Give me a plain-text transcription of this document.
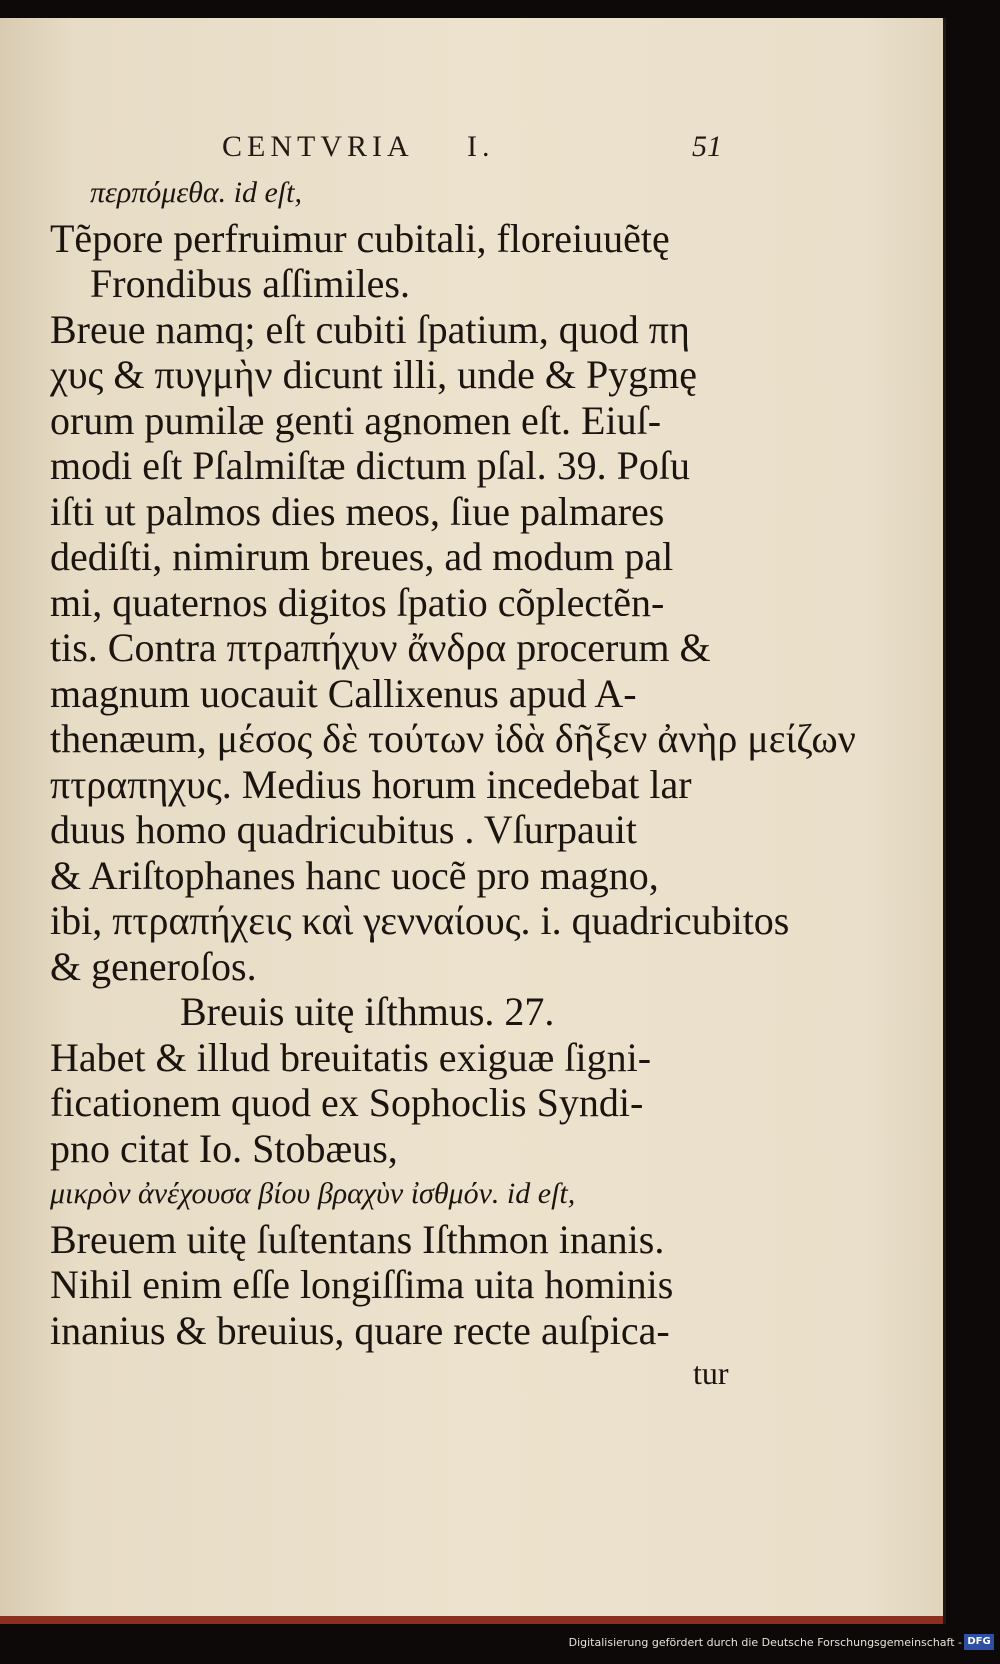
CENTVRIA I.	51
περπόμεθα. id eſt,
Tẽpore perfruimur cubitali, floreiuuẽtę
Frondibus aſſimiles.
Breue namq; eſt cubiti ſpatium, quod πη
χυς & πυγμὴν dicunt illi, unde & Pygmę
orum pumilæ genti agnomen eſt. Eiuſ-
modi eſt Pſalmiſtæ dictum pſal. 39. Poſu
iſti ut palmos dies meos, ſiue palmares
dediſti, nimirum breues, ad modum pal
mi, quaternos digitos ſpatio cõplectẽn-
tis. Contra πτρaπήχυν ἄνδρα procerum &
magnum uocauit Callixenus apud A-
thenæum, μέσος δὲ τούτων ἰδὰ δῆξεν ἀνὴρ μείζων
πτραπηχυς. Medius horum incedebat lar
duus homo quadricubitus . Vſurpauit
& Ariſtophanes hanc uocẽ pro magno,
ibi, πτραπήχεις καὶ γενναίους. i. quadricubitos
& generoſos.
Breuis uitę iſthmus. 27.
Habet & illud breuitatis exiguæ ſigni-
ficationem quod ex Sophoclis Syndi-
pno citat Io. Stobæus,
μικρὸν ἀνέχουσα βίου βραχὺν ἰσθμόν. id eſt,
Breuem uitę ſuſtentans Iſthmon inanis.
Nihil enim eſſe longiſſima uita hominis
inanius & breuius, quare recte auſpica-
tur
Digitalisierung gefördert durch die Deutsche Forschungsgemeinschaft - DFG
